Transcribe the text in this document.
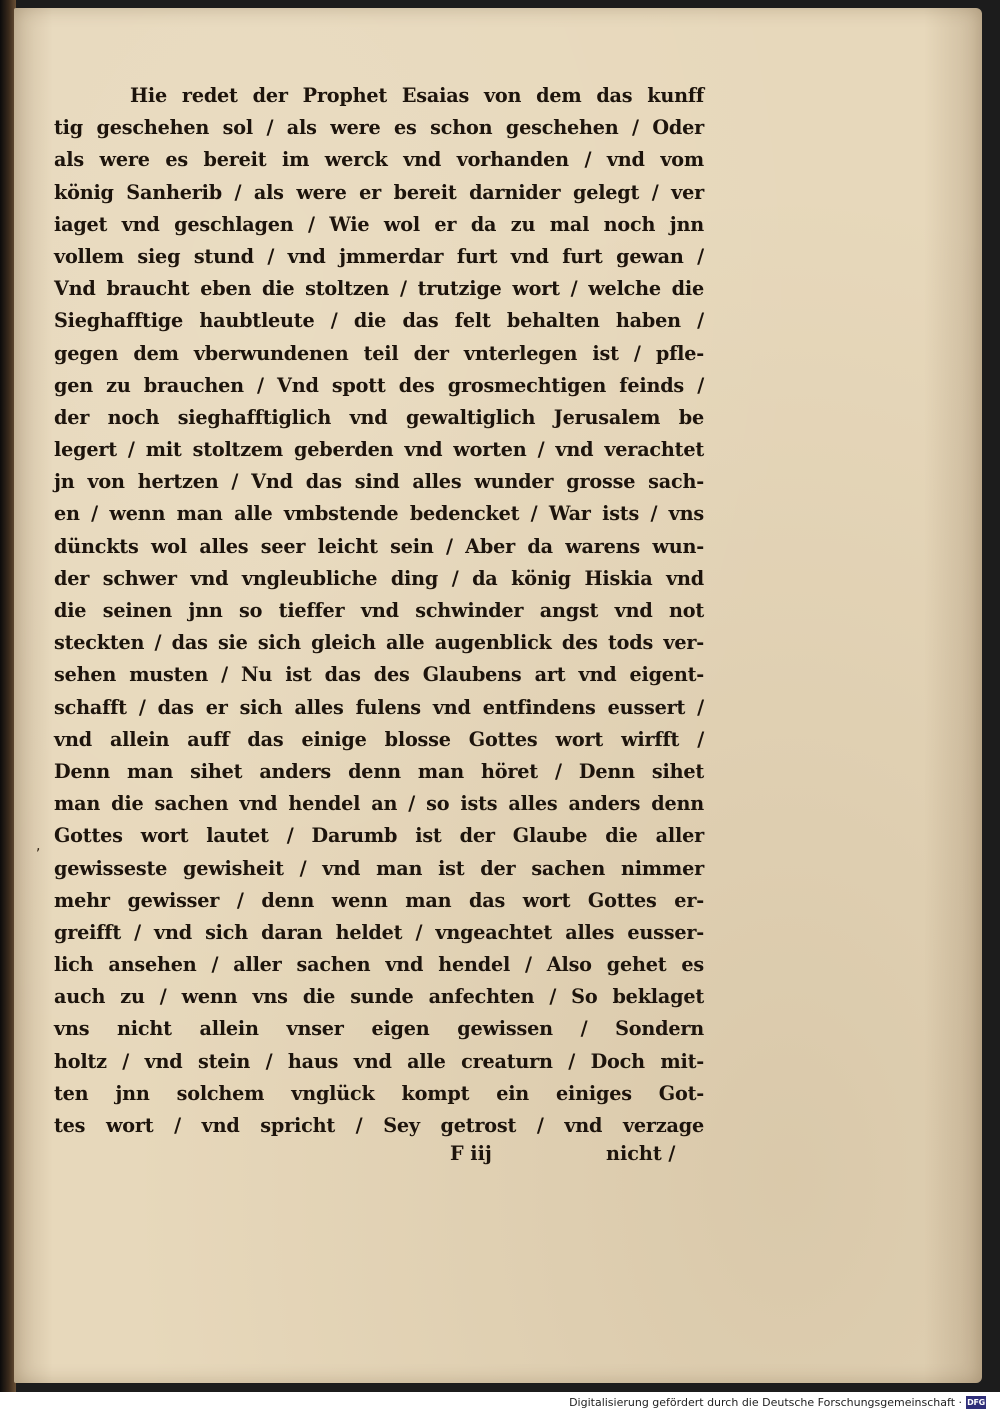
,
Hie redet der Prophet Esaias von dem das kunff
tig geschehen sol / als were es schon geschehen / Oder
als were es bereit im werck vnd vorhanden / vnd vom
könig Sanherib / als were er bereit darnider gelegt / ver
iaget vnd geschlagen / Wie wol er da zu mal noch jnn
vollem sieg stund / vnd jmmerdar furt vnd furt gewan /
Vnd braucht eben die stoltzen / trutzige wort / welche die
Sieghafftige haubtleute / die das felt behalten haben /
gegen dem vberwundenen teil der vnterlegen ist / pfle-
gen zu brauchen / Vnd spott des grosmechtigen feinds /
der noch sieghafftiglich vnd gewaltiglich Jerusalem be
legert / mit stoltzem geberden vnd worten / vnd verachtet
jn von hertzen / Vnd das sind alles wunder grosse sach-
en / wenn man alle vmbstende bedencket / War ists / vns
dünckts wol alles seer leicht sein / Aber da warens wun-
der schwer vnd vngleubliche ding / da könig Hiskia vnd
die seinen jnn so tieffer vnd schwinder angst vnd not
steckten / das sie sich gleich alle augenblick des tods ver-
sehen musten / Nu ist das des Glaubens art vnd eigent-
schafft / das er sich alles fulens vnd entfindens eussert /
vnd allein auff das einige blosse Gottes wort wirfft /
Denn man sihet anders denn man höret / Denn sihet
man die sachen vnd hendel an / so ists alles anders denn
Gottes wort lautet / Darumb ist der Glaube die aller
gewisseste gewisheit / vnd man ist der sachen nimmer
mehr gewisser / denn wenn man das wort Gottes er-
greifft / vnd sich daran heldet / vngeachtet alles eusser-
lich ansehen / aller sachen vnd hendel / Also gehet es
auch zu / wenn vns die sunde anfechten / So beklaget
vns nicht allein vnser eigen gewissen / Sondern
holtz / vnd stein / haus vnd alle creaturn / Doch mit-
ten jnn solchem vnglück kompt ein einiges Got-
tes wort / vnd spricht / Sey getrost / vnd verzage
F iij	nicht /
Digitalisierung gefördert durch die Deutsche Forschungsgemeinschaft · DFG
